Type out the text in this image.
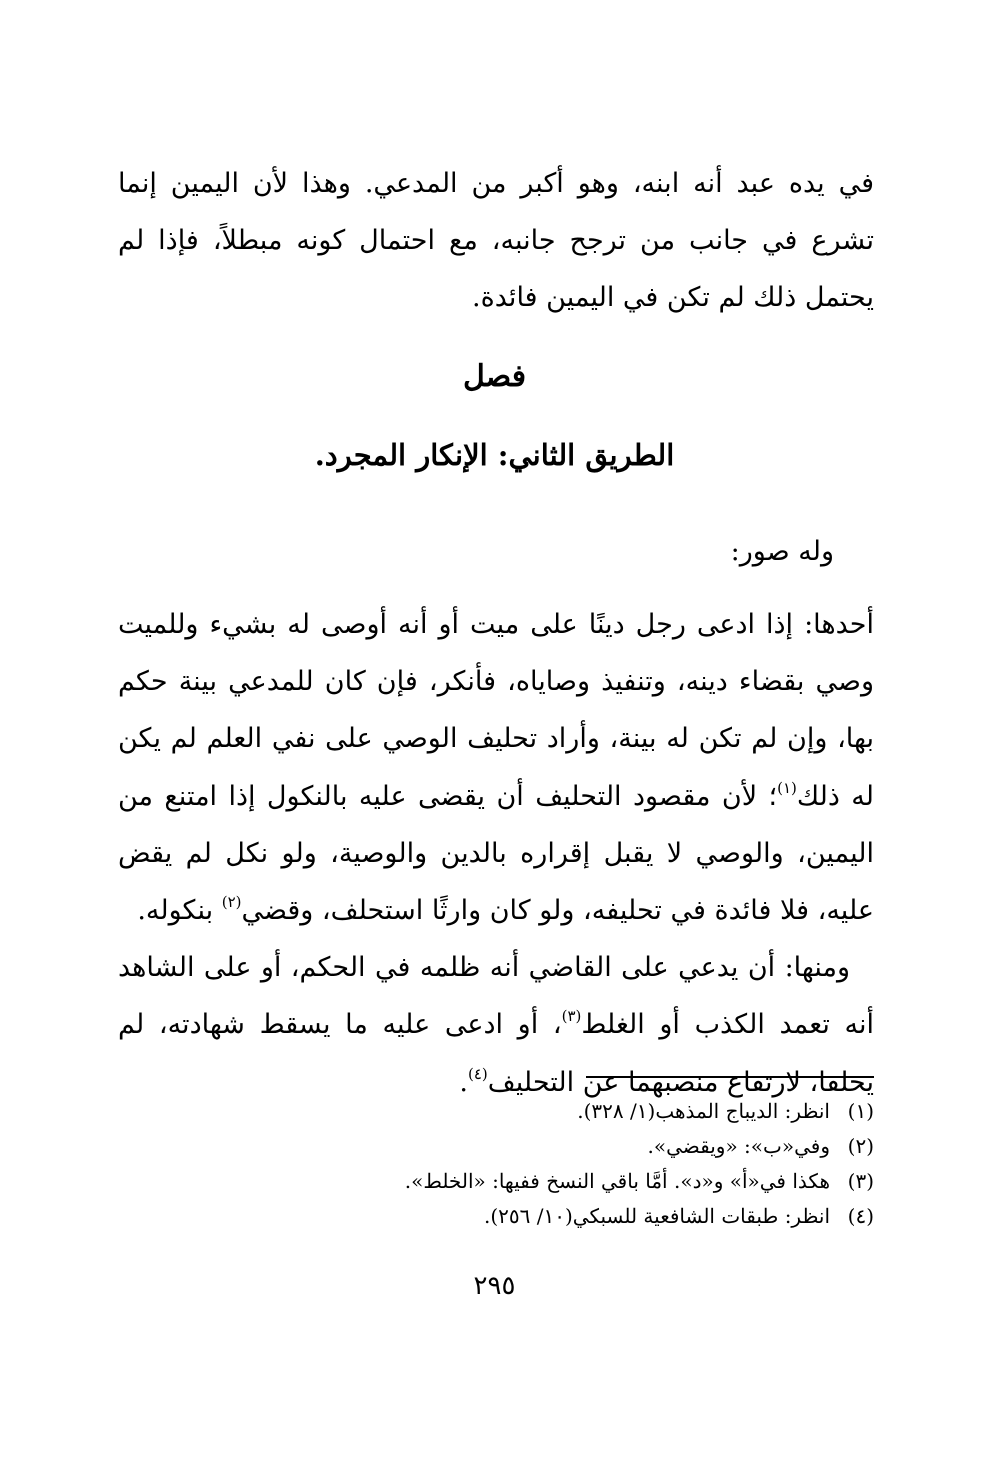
في يده عبد أنه ابنه، وهو أكبر من المدعي. وهذا لأن اليمين إنما تشرع في جانب من ترجح جانبه، مع احتمال كونه مبطلاً، فإذا لم يحتمل ذلك لم تكن في اليمين فائدة.
فصل
الطريق الثاني: الإنكار المجرد.
وله صور:

أحدها: إذا ادعى رجل دينًا على ميت أو أنه أوصى له بشيء وللميت وصي بقضاء دينه، وتنفيذ وصاياه، فأنكر، فإن كان للمدعي بينة حكم بها، وإن لم تكن له بينة، وأراد تحليف الوصي على نفي العلم لم يكن له ذلك$^{(١)}$؛ لأن مقصود التحليف أن يقضى عليه بالنكول إذا امتنع من اليمين، والوصي لا يقبل إقراره بالدين والوصية، ولو نكل لم يقض عليه، فلا فائدة في تحليفه، ولو كان وارثًا استحلف، وقضي$^{(٢)}$ بنكوله.

ومنها: أن يدعي على القاضي أنه ظلمه في الحكم، أو على الشاهد أنه تعمد الكذب أو الغلط$^{(٣)}$، أو ادعى عليه ما يسقط شهادته، لم يحلفا، لارتفاع منصبهما عن التحليف$^{(٤)}$.

(١)انظر: الديباج المذهب(١/ ٣٢٨).
(٢)وفي«ب»: «ويقضي».
(٣)هكذا في«أ» و«د». أمَّا باقي النسخ ففيها: «الخلط».
(٤)انظر: طبقات الشافعية للسبكي(١٠/ ٢٥٦).
٢٩٥
